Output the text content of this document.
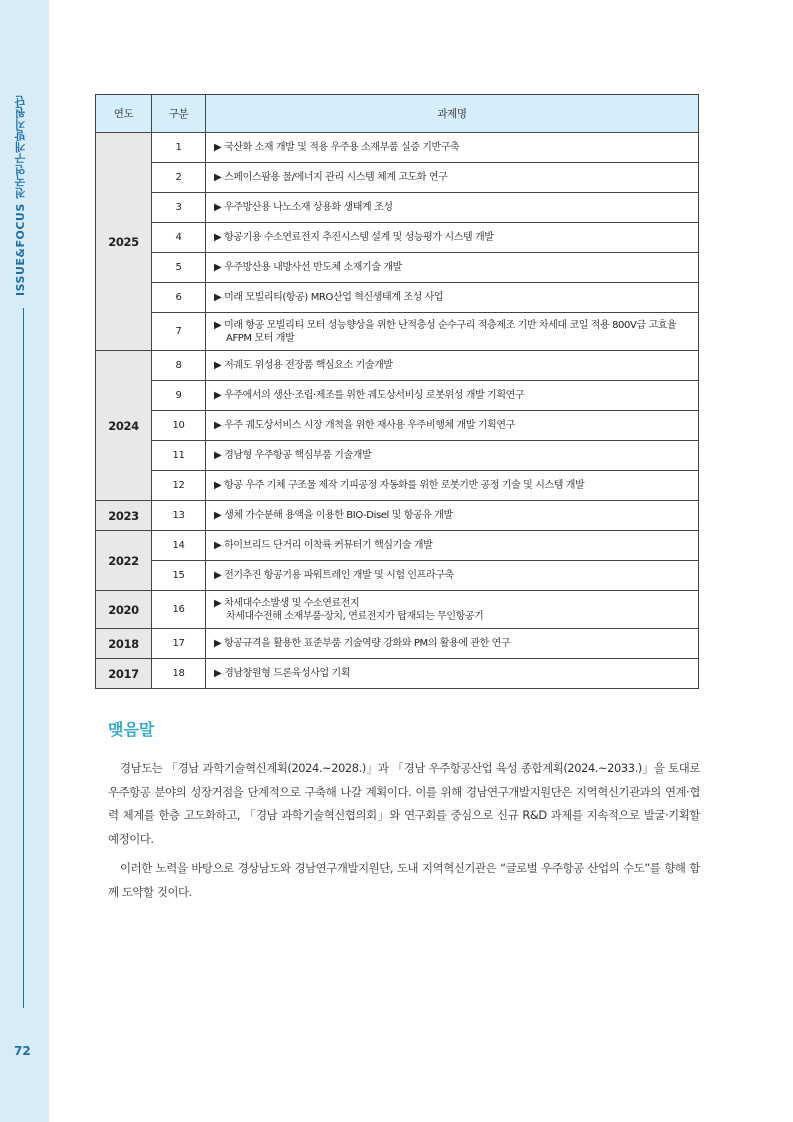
ISSUE&FOCUS 전국연구개발지원단
72
연도	구분	과제명
2025	1	▶ 국산화 소재 개발 및 적용 우주용 소재부품 실증 기반구축

	2	▶ 스페이스팜용 물/에너지 관리 시스템 체계 고도화 연구

	3	▶ 우주방산용 나노소재 상용화 생태계 조성

	4	▶ 항공기용 수소연료전지 추진시스템 설계 및 성능평가 시스템 개발

	5	▶ 우주방산용 내방사선 반도체 소재기술 개발

	6	▶ 미래 모빌리티(항공) MRO산업 혁신생태계 조성 사업

	7	▶ 미래 항공 모빌리티 모터 성능향상을 위한 난적층성 순수구리 적층제조 기반 차세대 코일 적용 800V급 고효율
AFPM 모터 개발

2024	8	▶ 저궤도 위성용 전장품 핵심요소 기술개발

	9	▶ 우주에서의 생산·조립·제조를 위한 궤도상서비싱 로봇위성 개발 기획연구

	10	▶ 우주 궤도상서비스 시장 개척을 위한 재사용 우주비행체 개발 기획연구

	11	▶ 경남형 우주항공 핵심부품 기술개발

	12	▶ 항공 우주 기체 구조물 제작 기피공정 자동화를 위한 로봇기반 공정 기술 및 시스템 개발

2023	13	▶ 생체 가수분해 용액을 이용한 BIO-Disel 및 항공유 개발

2022	14	▶ 하이브리드 단거리 이착륙 커뮤터기 핵심기술 개발

	15	▶ 전기추진 항공기용 파워트레인 개발 및 시험 인프라구축

2020	16	▶ 차세대수소발생 및 수소연료전지
차세대수전해 소재부품·장치, 연료전지가 탑재되는 무인항공기

2018	17	▶ 항공규격을 활용한 표준부품 기술역량 강화와 PM의 활용에 관한 연구

2017	18	▶ 경남창원형 드론육성사업 기획
맺음말

경남도는 「경남 과학기술혁신계획(2024.~2028.)」과 「경남 우주항공산업 육성 종합계획(2024.~2033.)」을 토대로 우주항공 분야의 성장거점을 단계적으로 구축해 나갈 계획이다. 이를 위해 경남연구개발지원단은 지역혁신기관과의 연계·협력 체계를 한층 고도화하고, 「경남 과학기술혁신협의회」와 연구회를 중심으로 신규 R&D 과제를 지속적으로 발굴·기획할 예정이다.

이러한 노력을 바탕으로 경상남도와 경남연구개발지원단, 도내 지역혁신기관은 “글로벌 우주항공 산업의 수도”를 향해 함께 도약할 것이다.
